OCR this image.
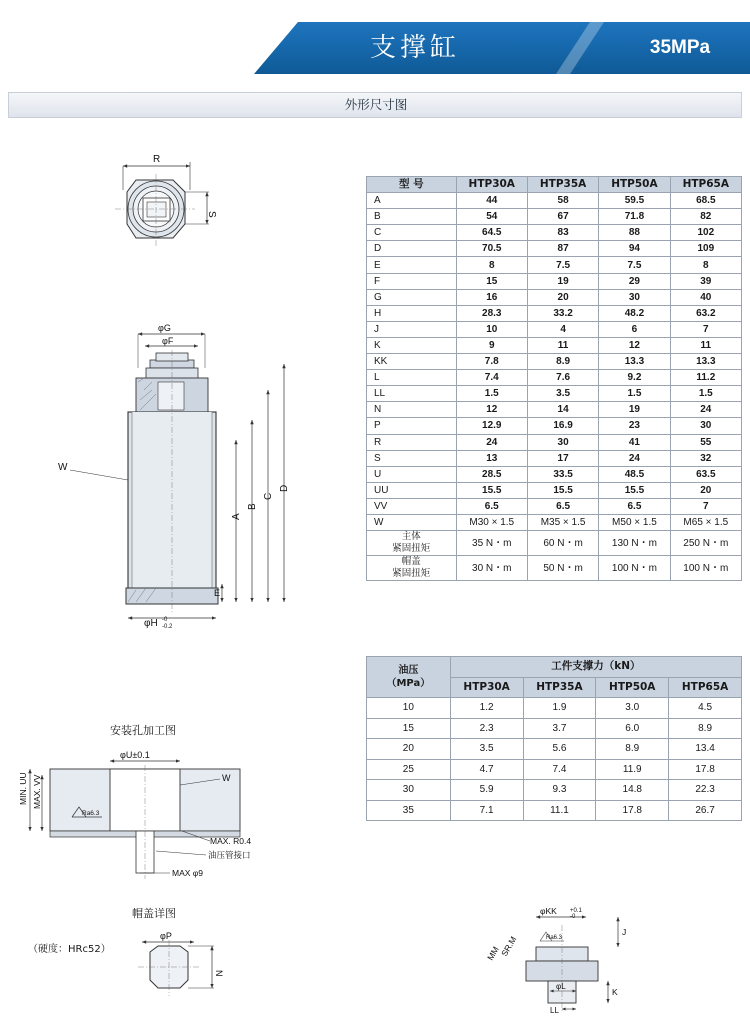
支撑缸	35MPa
外形尺寸图
R
S
φG
φF
W
A
B
C
D
E
φH -0
-0.2
安装孔加工图
φU±0.1
MIN. UU MAX. VV	W
Ra6.3
MAX. R0.4
油压管接口
MAX φ9
帽盖详图
（硬度：HRc52）
φP
N
φKK +0.1
-0
Ra6.3
MM
SR.M
J
φL
K
LL
型 号	HTP30A	HTP35A	HTP50A	HTP65A
A	44	58	59.5	68.5
B	54	67	71.8	82
C	64.5	83	88	102
D	70.5	87	94	109
E	8	7.5	7.5	8
F	15	19	29	39
G	16	20	30	40
H	28.3	33.2	48.2	63.2
J	10	4	6	7
K	9	11	12	11
KK	7.8	8.9	13.3	13.3
L	7.4	7.6	9.2	11.2
LL	1.5	3.5	1.5	1.5
N	12	14	19	24
P	12.9	16.9	23	30
R	24	30	41	55
S	13	17	24	32
U	28.5	33.5	48.5	63.5
UU	15.5	15.5	15.5	20
VV	6.5	6.5	6.5	7
W	M30 × 1.5	M35 × 1.5	M50 × 1.5	M65 × 1.5

主体
紧固扭矩	35 N・m	60 N・m	130 N・m	250 N・m

帽盖
紧固扭矩	30 N・m	50 N・m	100 N・m	100 N・m
油压
（MPa）	工件支撑力（kN）			
	HTP30A	HTP35A	HTP50A	HTP65A
10	1.2	1.9	3.0	4.5
15	2.3	3.7	6.0	8.9
20	3.5	5.6	8.9	13.4
25	4.7	7.4	11.9	17.8
30	5.9	9.3	14.8	22.3
35	7.1	11.1	17.8	26.7
